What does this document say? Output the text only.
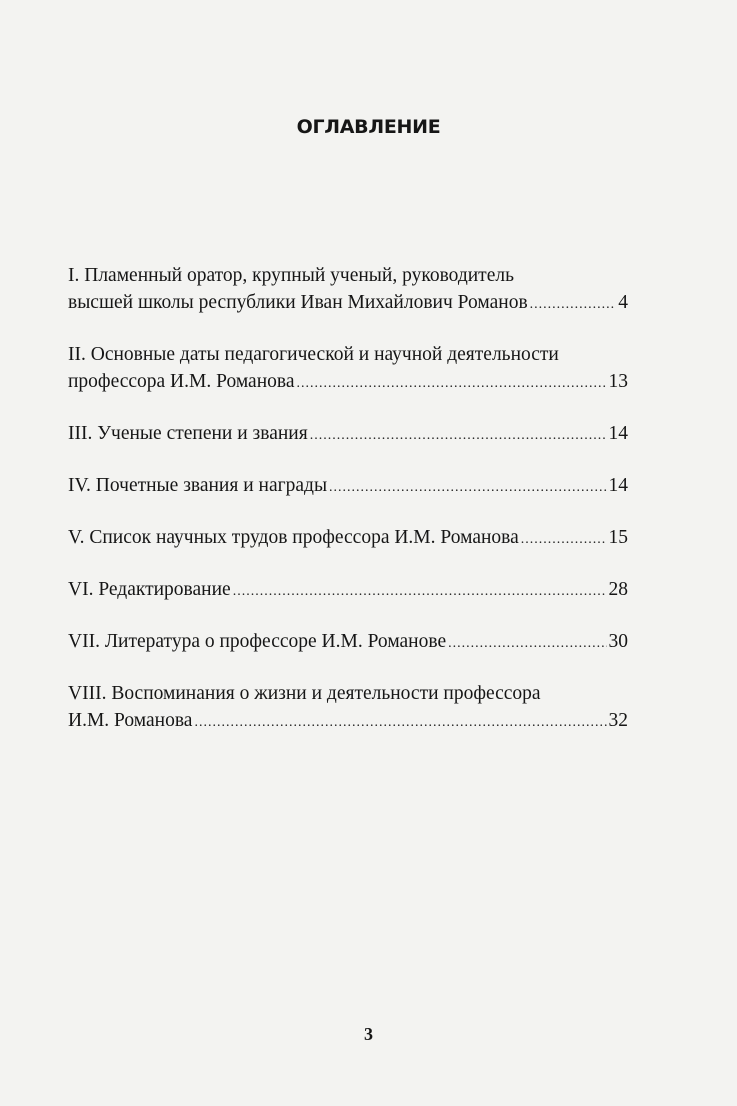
ОГЛАВЛЕНИЕ
I. Пламенный оратор, крупный ученый, руководитель
высшей школы республики Иван Михайлович Романов .....	4
II. Основные даты педагогической и научной деятельности
профессора И.М. Романова .....	13
III. Ученые степени и звания .....	14
IV. Почетные звания и награды .....	14
V. Список научных трудов профессора И.М. Романова .....	15
VI. Редактирование .....	28
VII. Литература о профессоре И.М. Романове .....	30
VIII. Воспоминания о жизни и деятельности профессора
И.М. Романова .....	32
3
